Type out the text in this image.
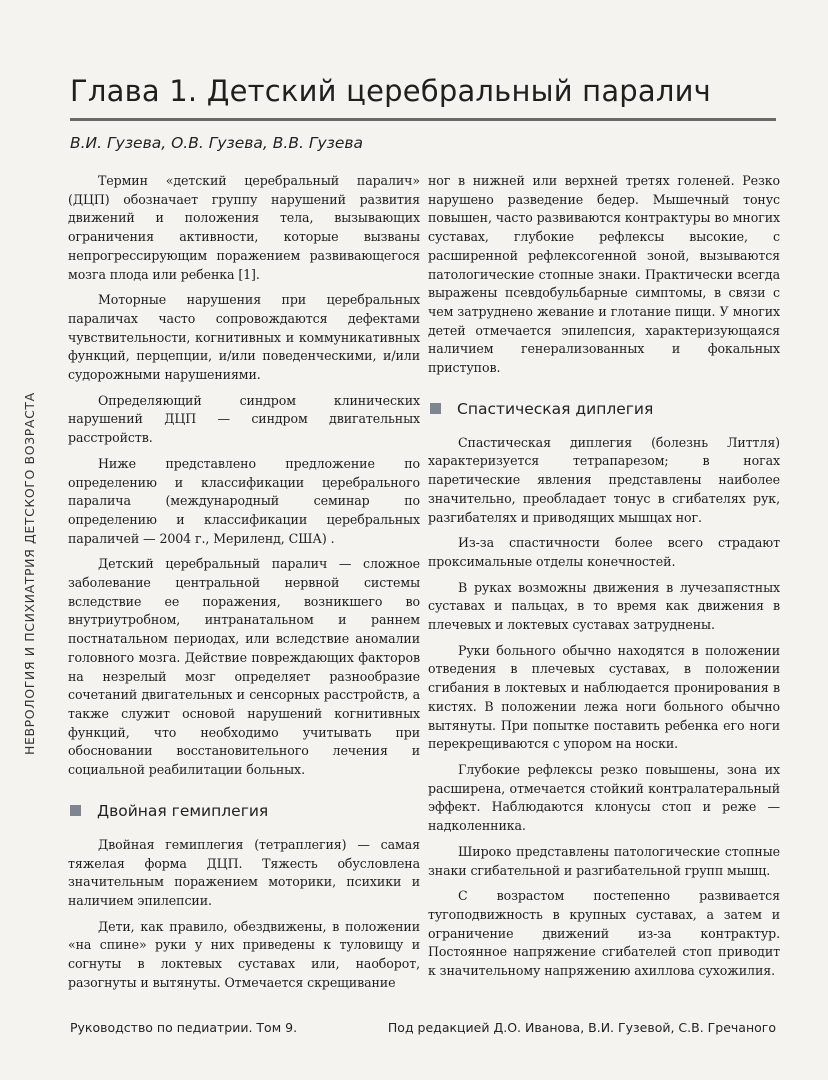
Глава 1. Детский церебральный паралич
В.И. Гузева, О.В. Гузева, В.В. Гузева
НЕВРОЛОГИЯ И ПСИХИАТРИЯ ДЕТСКОГО ВОЗРАСТА

Термин «детский церебральный паралич» (ДЦП) обозначает группу нарушений развития движений и положения тела, вызывающих ограничения активности, которые вызваны непрогрессирующим поражением развивающегося мозга плода или ребенка [1].

Моторные нарушения при церебральных параличах часто сопровождаются дефектами чувствительности, когнитивных и коммуникативных функций, перцепции, и/или поведенческими, и/или судорожными нарушениями.

Определяющий синдром клинических нарушений ДЦП — синдром двигательных расстройств.

Ниже представлено предложение по определению и классификации церебрального паралича (международный семинар по определению и классификации церебральных параличей — 2004 г., Мериленд, США) .

Детский церебральный паралич — сложное заболевание центральной нервной системы вследствие ее поражения, возникшего во внутриутробном, интранатальном и раннем постнатальном периодах, или вследствие аномалии головного мозга. Действие повреждающих факторов на незрелый мозг определяет разнообразие сочетаний двигательных и сенсорных расстройств, а также служит основой нарушений когнитивных функций, что необходимо учитывать при обосновании восстановительного лечения и социальной реабилитации больных.

Двойная гемиплегия

Двойная гемиплегия (тетраплегия) — самая тяжелая форма ДЦП. Тяжесть обусловлена значительным поражением моторики, психики и наличием эпилепсии.

Дети, как правило, обездвижены, в положении «на спине» руки у них приведены к туловищу и согнуты в локтевых суставах или, наоборот, разогнуты и вытянуты. Отмечается скрещивание

ног в нижней или верхней третях голеней. Резко нарушено разведение бедер. Мышечный тонус повышен, часто развиваются контрактуры во многих суставах, глубокие рефлексы высокие, с расширенной рефлексогенной зоной, вызываются патологические стопные знаки. Практически всегда выражены псевдобульбарные симптомы, в связи с чем затруднено жевание и глотание пищи. У многих детей отмечается эпилепсия, характеризующаяся наличием генерализованных и фокальных приступов.

Спастическая диплегия

Спастическая диплегия (болезнь Литтля) характеризуется тетрапарезом; в ногах паретические явления представлены наиболее значительно, преобладает тонус в сгибателях рук, разгибателях и приводящих мышцах ног.

Из-за спастичности более всего страдают проксимальные отделы конечностей.

В руках возможны движения в лучезапястных суставах и пальцах, в то время как движения в плечевых и локтевых суставах затруднены.

Руки больного обычно находятся в положении отведения в плечевых суставах, в положении сгибания в локтевых и наблюдается пронирования в кистях. В положении лежа ноги больного обычно вытянуты. При попытке поставить ребенка его ноги перекрещиваются с упором на носки.

Глубокие рефлексы резко повышены, зона их расширена, отмечается стойкий контралатеральный эффект. Наблюдаются клонусы стоп и реже — надколенника.

Широко представлены патологические стопные знаки сгибательной и разгибательной групп мышц.

С возрастом постепенно развивается тугоподвижность в крупных суставах, а затем и ограничение движений из-за контрактур. Постоянное напряжение сгибателей стоп приводит к значительному напряжению ахиллова сухожилия.

Руководство по педиатрии. Том 9.	Под редакцией Д.О. Иванова, В.И. Гузевой, С.В. Гречаного
